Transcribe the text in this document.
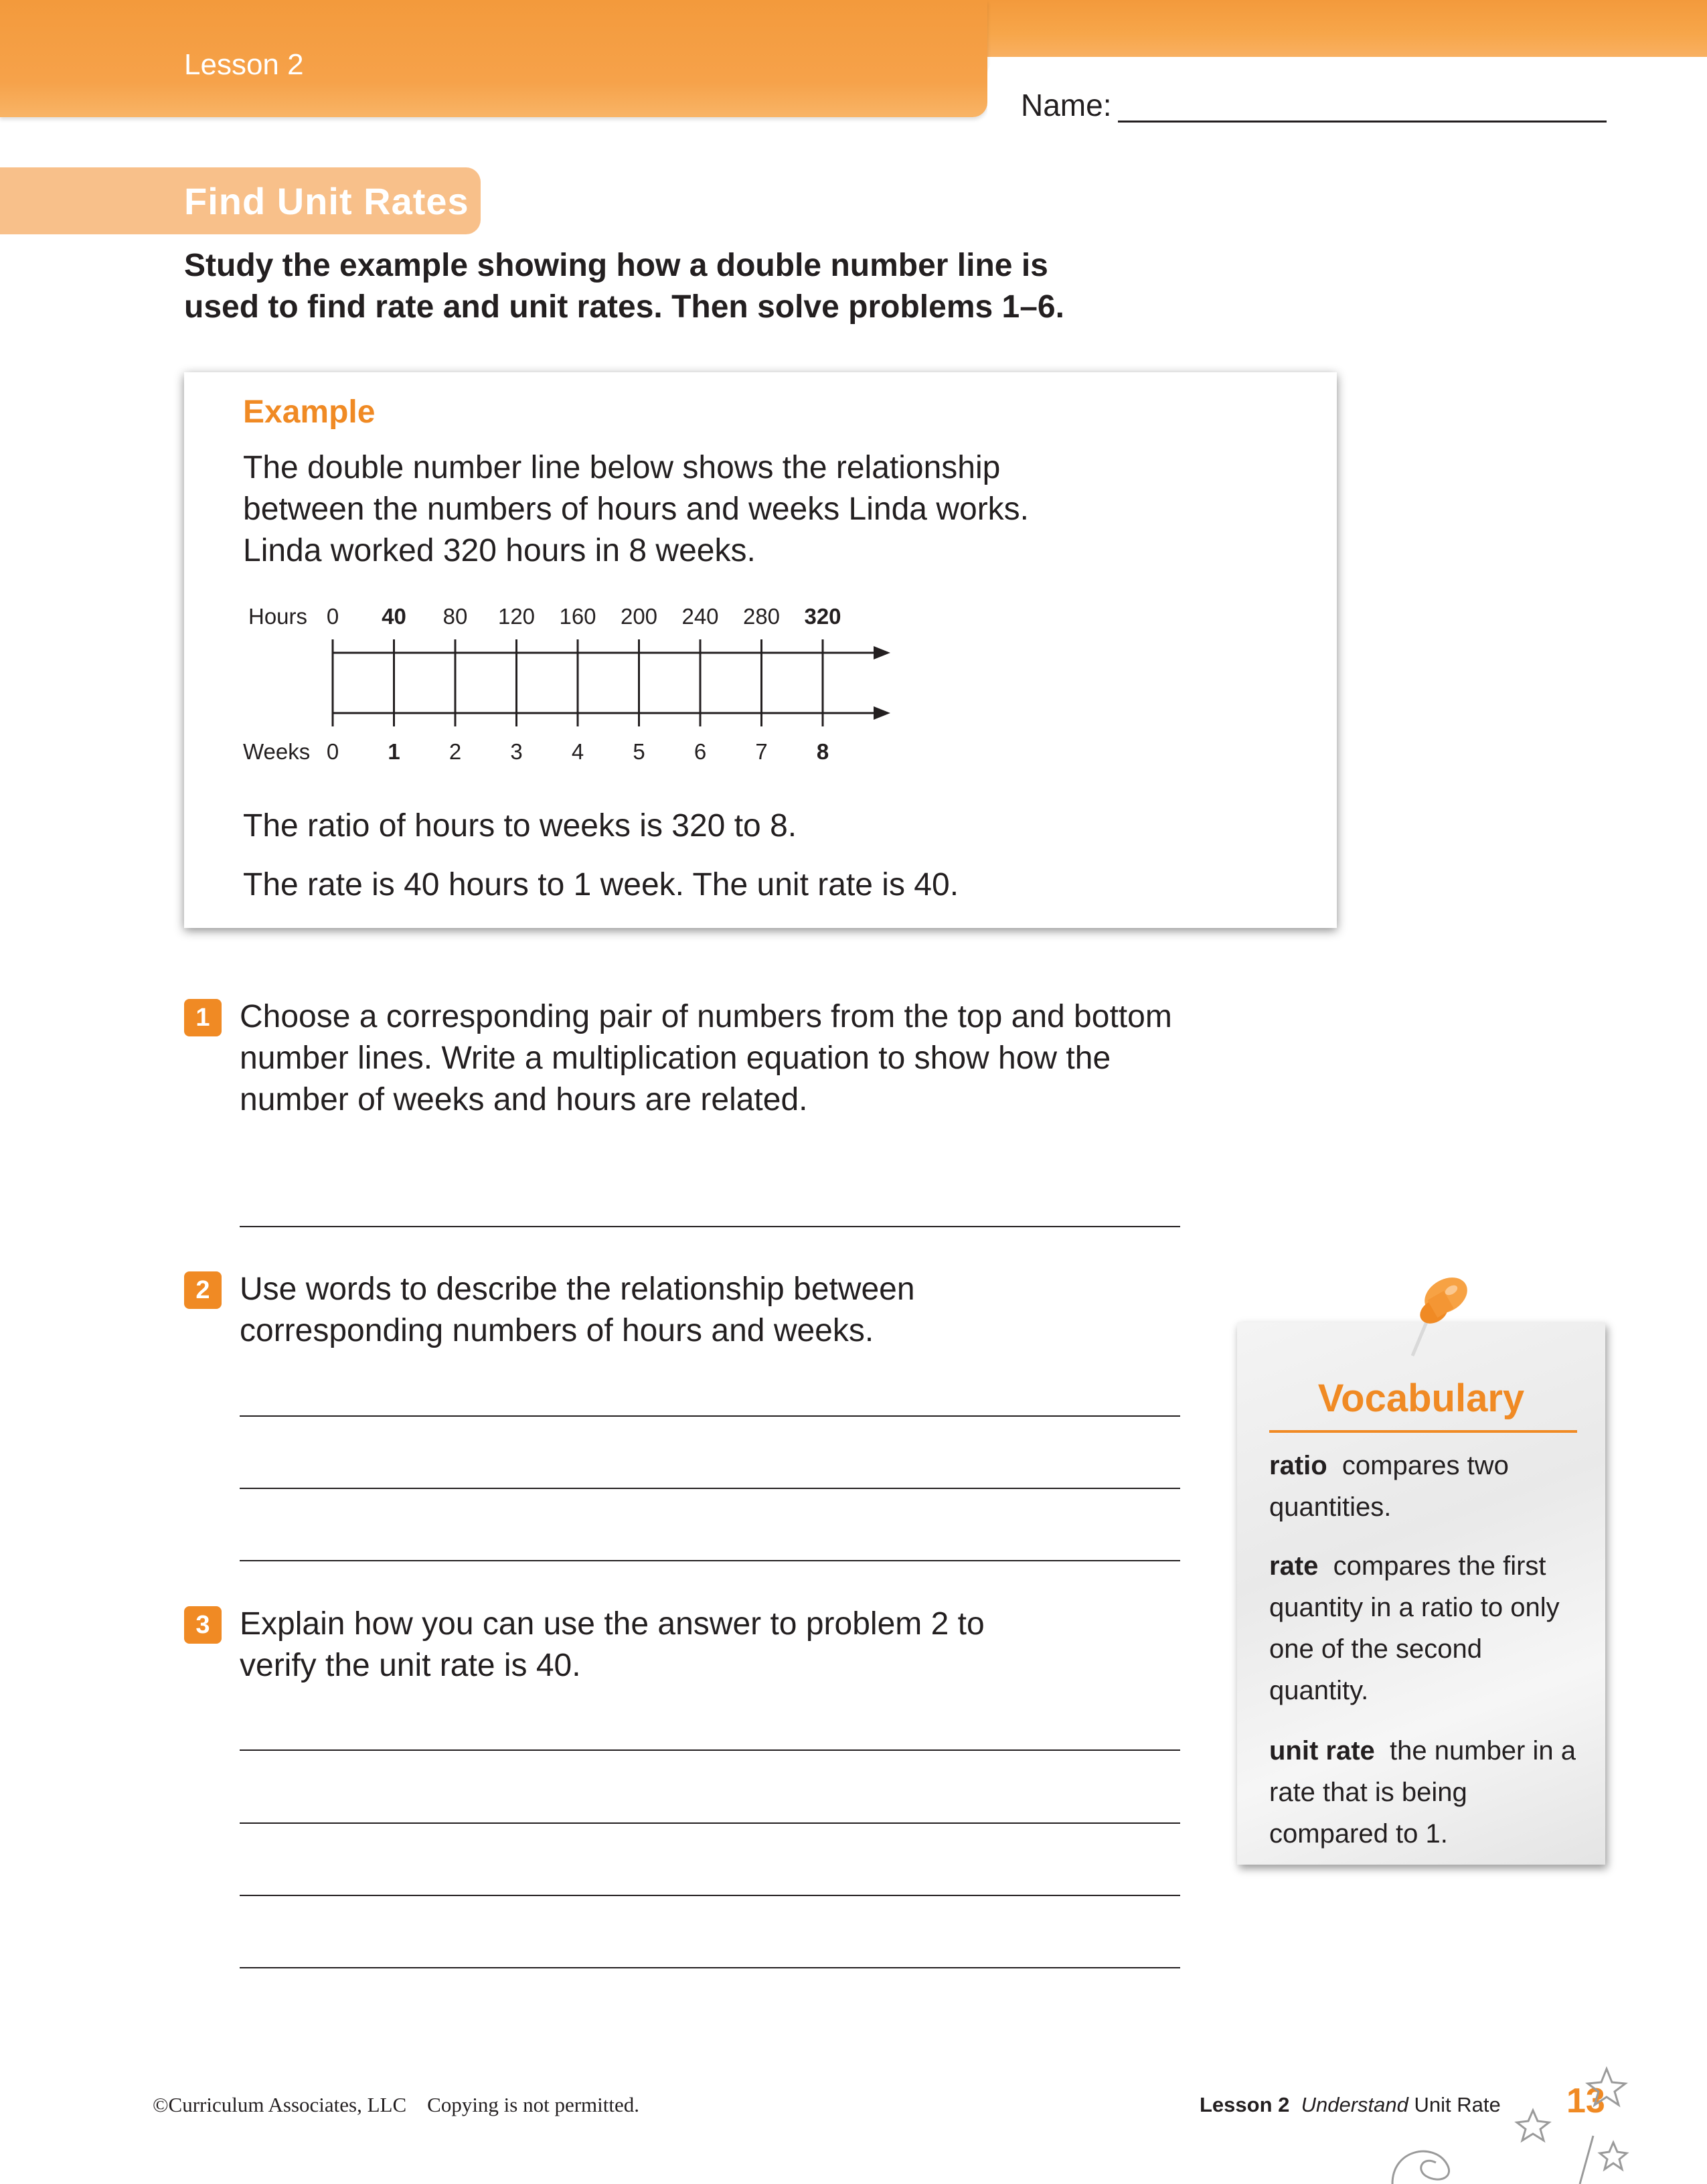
Lesson 2
Name:
Find Unit Rates
Study the example showing how a double number line is used to find rate and unit rates. Then solve problems 1–6.
Example
The double number line below shows the relationship between the numbers of hours and weeks Linda works. Linda worked 320 hours in 8 weeks.
Hours
Weeks
0
0
40
1
80
2
120
3
160
4
200
5
240
6
280
7
320
8
The ratio of hours to weeks is 320 to 8.
The rate is 40 hours to 1 week. The unit rate is 40.
1 Choose a corresponding pair of numbers from the top and bottom number lines. Write a multiplication equation to show how the number of weeks and hours are related.
2 Use words to describe the relationship between corresponding numbers of hours and weeks.
3 Explain how you can use the answer to problem 2 to verify the unit rate is 40.
Vocabulary
ratio compares two quantities.
rate compares the first quantity in a ratio to only one of the second quantity.
unit rate the number in a rate that is being compared to 1.
©Curriculum Associates, LLC    Copying is not permitted.	Lesson 2 Understand Unit Rate 13
